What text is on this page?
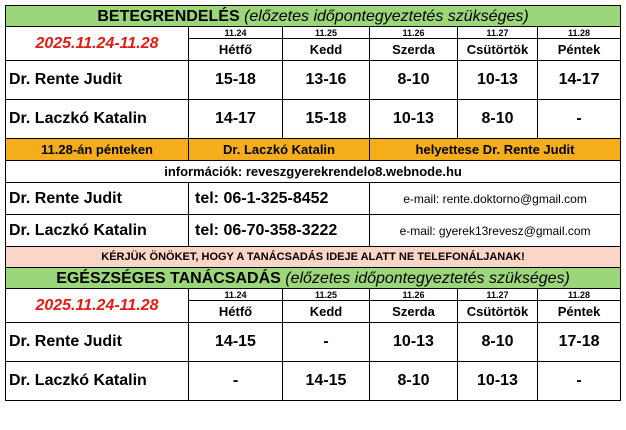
BETEGRENDELÉS (előzetes időpontegyeztetés szükséges)					
2025.11.24-11.28	11.24	11.25	11.26	11.27	11.28
	Hétfő	Kedd	Szerda	Csütörtök	Péntek
Dr. Rente Judit	15-18	13-16	8-10	10-13	14-17
Dr. Laczkó Katalin	14-17	15-18	10-13	8-10	-
11.28-án pénteken	Dr. Laczkó Katalin		helyettese Dr. Rente Judit		
információk: reveszgyerekrendelo8.webnode.hu					
Dr. Rente Judit	tel: 06-1-325-8452		e-mail: rente.doktorno@gmail.com		
Dr. Laczkó Katalin	tel: 06-70-358-3222		e-mail: gyerek13revesz@gmail.com		
KÉRJÜK ÖNÖKET, HOGY A TANÁCSADÁS IDEJE ALATT NE TELEFONÁLJANAK!					
EGÉSZSÉGES TANÁCSADÁS (előzetes időpontegyeztetés szükséges)					
2025.11.24-11.28	11.24	11.25	11.26	11.27	11.28
	Hétfő	Kedd	Szerda	Csütörtök	Péntek
Dr. Rente Judit	14-15	-	10-13	8-10	17-18
Dr. Laczkó Katalin	-	14-15	8-10	10-13	-
